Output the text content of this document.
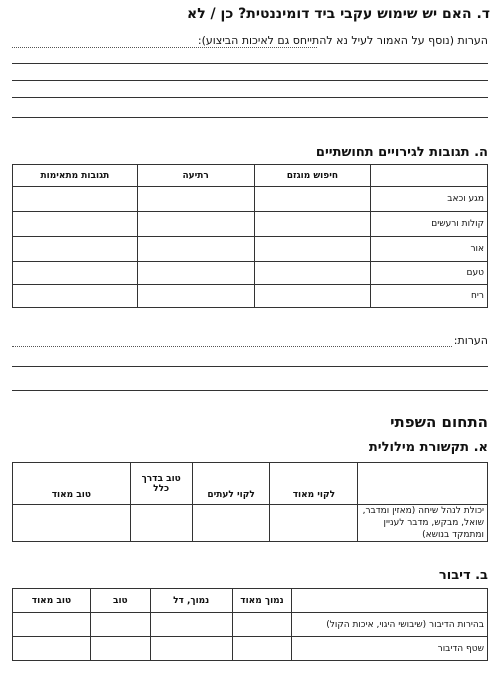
ד. האם יש שימוש עקבי ביד דומיננטית? כן / לא
הערות (נוסף על האמור לעיל נא להתייחס גם לאיכות הביצוע):
ה. תגובות לגירויים תחושתיים
	חיפוש מוגזם	רתיעה	תגובות מתאימות
מגע וכאב			
קולות ורעשים			
אור			
טעם			
ריח			
הערות:
התחום השפתי
א. תקשורת מילולית
	לקוי מאוד	לקוי לעתים	טוב בדרך כלל	טוב מאוד
יכולת לנהל שיחה (מאזין ומדבר, שואל, מבקש, מדבר לעניין ומתמקד בנושא)				
ב. דיבור
	נמוך מאוד	נמוך, דל	טוב	טוב מאוד
בהירות הדיבור (שיבושי היגוי, איכות הקול)				
שטף הדיבור				
